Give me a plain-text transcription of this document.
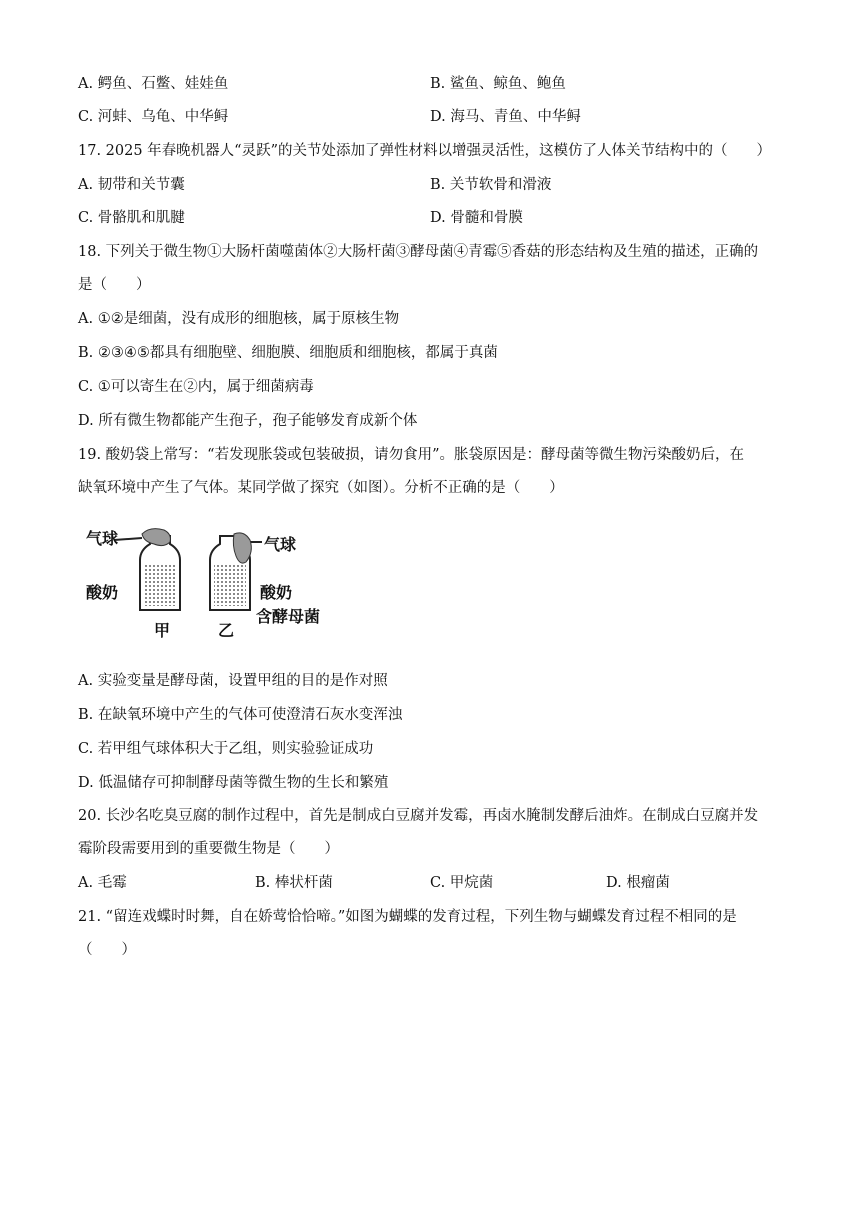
A. 鳄鱼、石鳖、娃娃鱼	B. 鲨鱼、鲸鱼、鲍鱼
C. 河蚌、乌龟、中华鲟	D. 海马、青鱼、中华鲟
17. 2025 年春晚机器人“灵跃”的关节处添加了弹性材料以增强灵活性，这模仿了人体关节结构中的（　　）
A. 韧带和关节囊	B. 关节软骨和滑液
C. 骨骼肌和肌腱	D. 骨髓和骨膜
18. 下列关于微生物①大肠杆菌噬菌体②大肠杆菌③酵母菌④青霉⑤香菇的形态结构及生殖的描述，正确的
是（　　）
A. ①②是细菌，没有成形的细胞核，属于原核生物
B. ②③④⑤都具有细胞壁、细胞膜、细胞质和细胞核，都属于真菌
C. ①可以寄生在②内，属于细菌病毒
D. 所有微生物都能产生孢子，孢子能够发育成新个体
19. 酸奶袋上常写：“若发现胀袋或包装破损，请勿食用”。胀袋原因是：酵母菌等微生物污染酸奶后，在
缺氧环境中产生了气体。某同学做了探究（如图）。分析不正确的是（　　）
气球	气球
酸奶	酸奶
含酵母菌
甲	乙
A. 实验变量是酵母菌，设置甲组的目的是作对照
B. 在缺氧环境中产生的气体可使澄清石灰水变浑浊
C. 若甲组气球体积大于乙组，则实验验证成功
D. 低温储存可抑制酵母菌等微生物的生长和繁殖
20. 长沙名吃臭豆腐的制作过程中，首先是制成白豆腐并发霉，再卤水腌制发酵后油炸。在制成白豆腐并发
霉阶段需要用到的重要微生物是（　　）
A. 毛霉	B. 棒状杆菌	C. 甲烷菌	D. 根瘤菌
21. “留连戏蝶时时舞，自在娇莺恰恰啼。”如图为蝴蝶的发育过程，下列生物与蝴蝶发育过程不相同的是
（　　）
